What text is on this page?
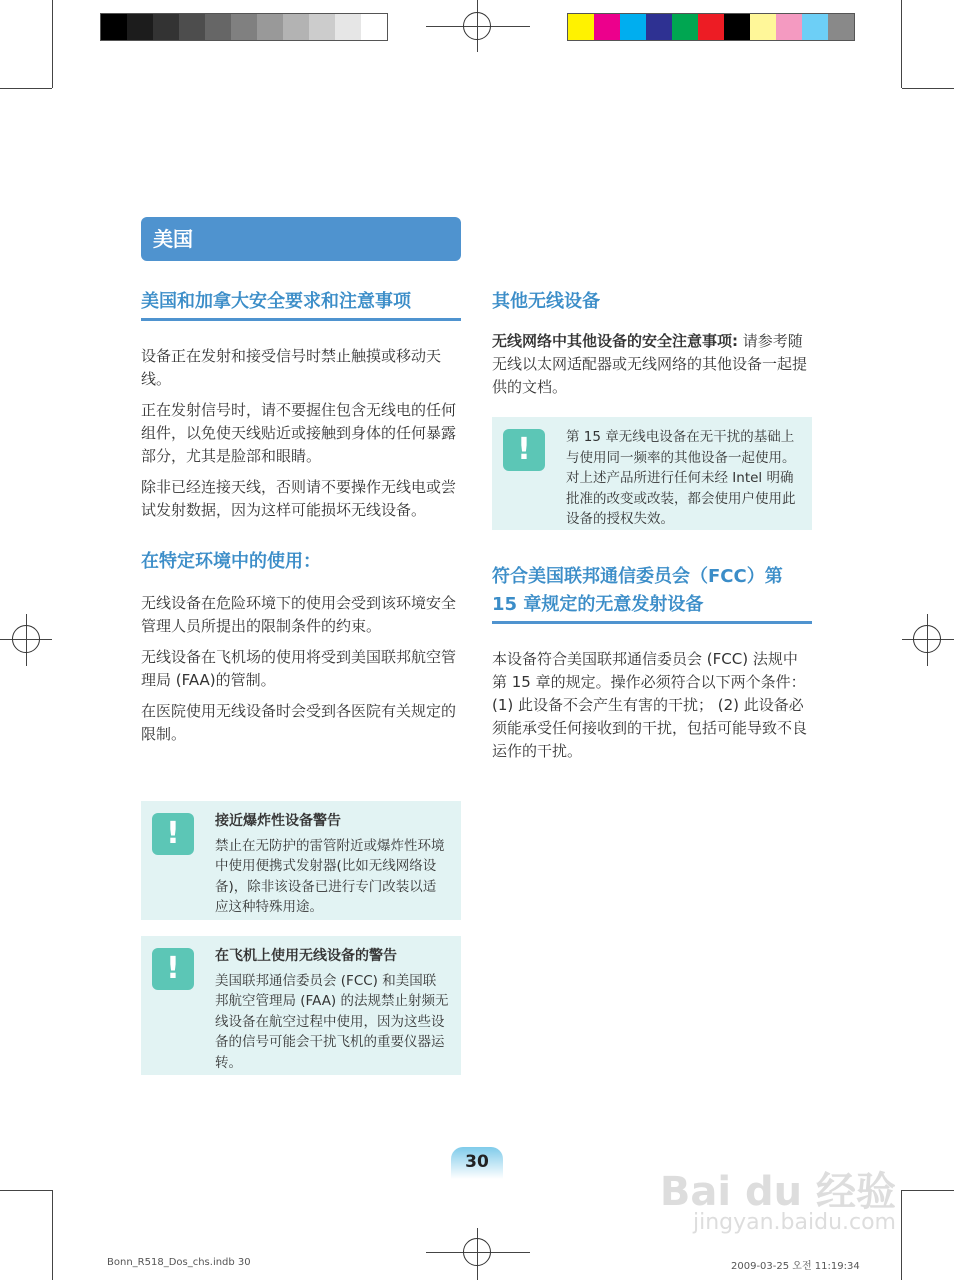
美国
美国和加拿大安全要求和注意事项

设备正在发射和接受信号时禁止触摸或移动天线。

正在发射信号时，请不要握住包含无线电的任何组件，以免使天线贴近或接触到身体的任何暴露部分，尤其是脸部和眼睛。

除非已经连接天线，否则请不要操作无线电或尝试发射数据，因为这样可能损坏无线设备。

在特定环境中的使用：

无线设备在危险环境下的使用会受到该环境安全管理人员所提出的限制条件的约束。

无线设备在飞机场的使用将受到美国联邦航空管理局 (FAA)的管制。

在医院使用无线设备时会受到各医院有关规定的限制。

!	接近爆炸性设备警告
禁止在无防护的雷管附近或爆炸性环境中使用便携式发射器(比如无线网络设备)，除非该设备已进行专门改装以适应这种特殊用途。
!	在飞机上使用无线设备的警告
美国联邦通信委员会 (FCC) 和美国联邦航空管理局 (FAA) 的法规禁止射频无线设备在航空过程中使用，因为这些设备的信号可能会干扰飞机的重要仪器运转。
其他无线设备

无线网络中其他设备的安全注意事项: 请参考随无线以太网适配器或无线网络的其他设备一起提供的文档。

!	第 15 章无线电设备在无干扰的基础上与使用同一频率的其他设备一起使用。对上述产品所进行任何未经 Intel 明确批准的改变或改装，都会使用户使用此设备的授权失效。
符合美国联邦通信委员会（FCC）第 15 章规定的无意发射设备

本设备符合美国联邦通信委员会 (FCC) 法规中第 15 章的规定。操作必须符合以下两个条件：(1) 此设备不会产生有害的干扰； (2) 此设备必须能承受任何接收到的干扰，包括可能导致不良运作的干扰。

30
Bai du 经验
jingyan.baidu.com
Bonn_R518_Dos_chs.indb 30	2009-03-25 오전 11:19:34
